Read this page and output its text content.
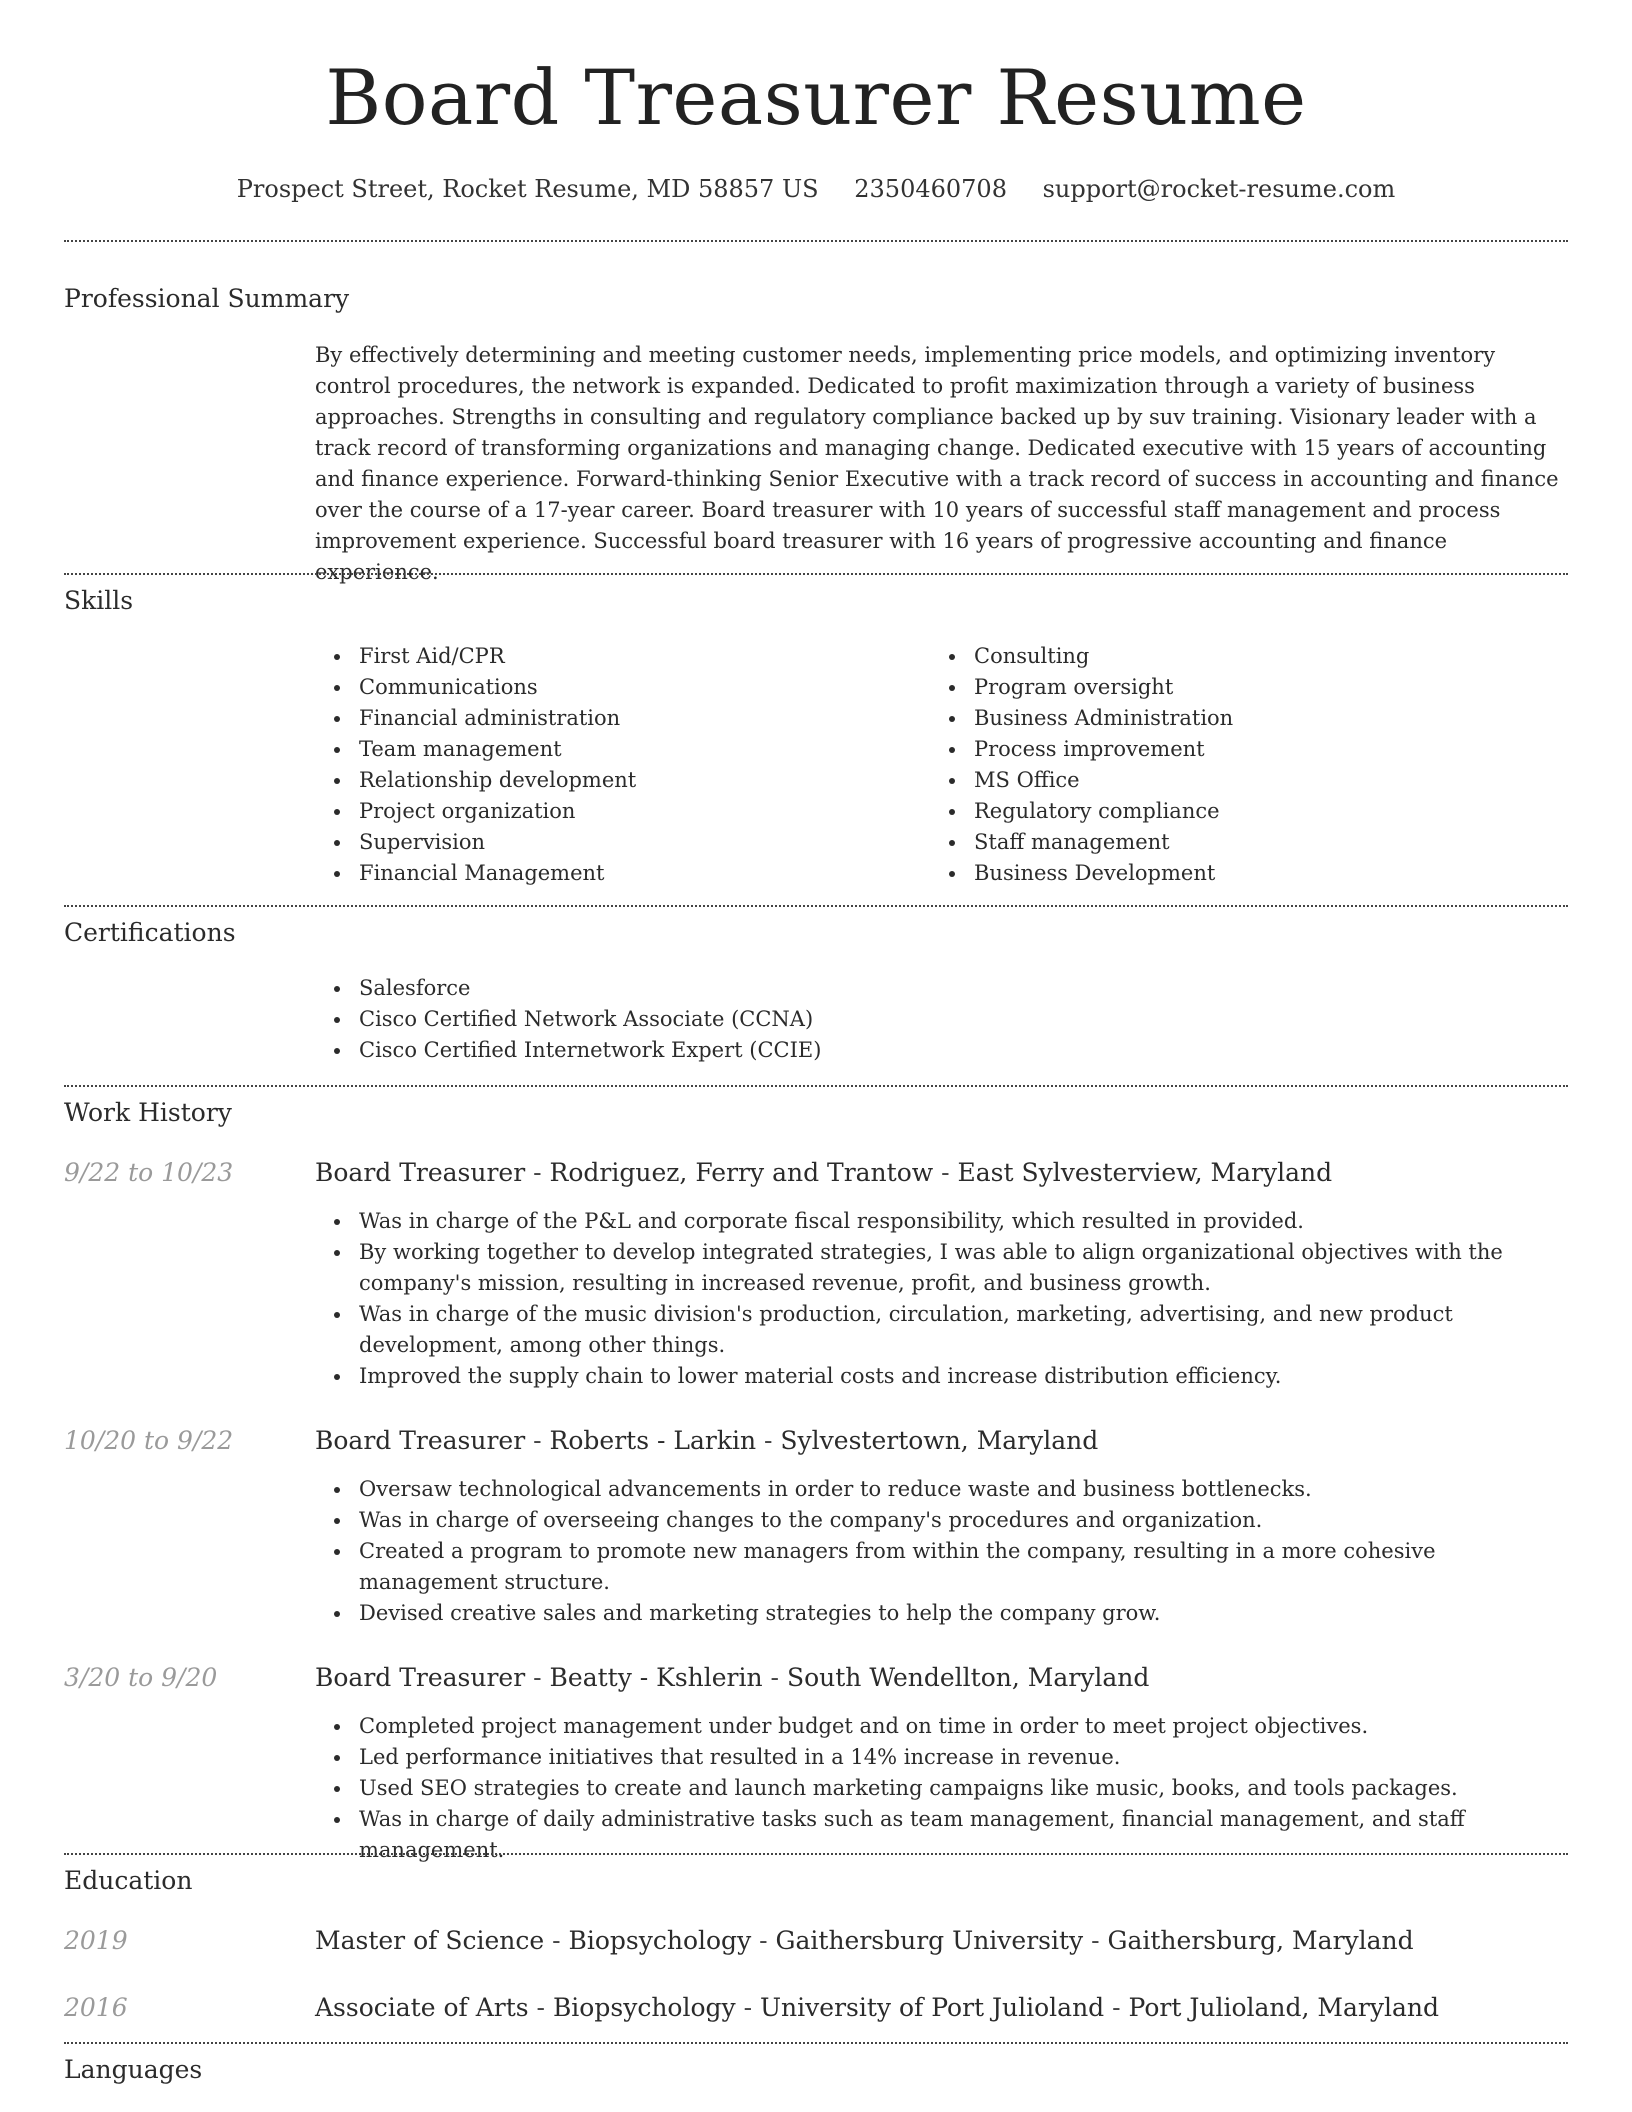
Board Treasurer Resume
Prospect Street, Rocket Resume, MD 58857 US 2350460708 support@rocket-resume.com
Professional Summary
By effectively determining and meeting customer needs, implementing price models, and optimizing inventory control procedures, the network is expanded. Dedicated to profit maximization through a variety of business approaches. Strengths in consulting and regulatory compliance backed up by suv training. Visionary leader with a track record of transforming organizations and managing change. Dedicated executive with 15 years of accounting and finance experience. Forward-thinking Senior Executive with a track record of success in accounting and finance over the course of a 17-year career. Board treasurer with 10 years of successful staff management and process improvement experience. Successful board treasurer with 16 years of progressive accounting and finance experience.
Skills
First Aid/CPR
Communications
Financial administration
Team management
Relationship development
Project organization
Supervision
Financial Management
Consulting
Program oversight
Business Administration
Process improvement
MS Office
Regulatory compliance
Staff management
Business Development
Certifications
Salesforce
Cisco Certified Network Associate (CCNA)
Cisco Certified Internetwork Expert (CCIE)
Work History
9/22 to 10/23	Board Treasurer - Rodriguez, Ferry and Trantow - East Sylvesterview, Maryland
Was in charge of the P&L and corporate fiscal responsibility, which resulted in provided.
By working together to develop integrated strategies, I was able to align organizational objectives with the company's mission, resulting in increased revenue, profit, and business growth.
Was in charge of the music division's production, circulation, marketing, advertising, and new product development, among other things.
Improved the supply chain to lower material costs and increase distribution efficiency.
10/20 to 9/22	Board Treasurer - Roberts - Larkin - Sylvestertown, Maryland
Oversaw technological advancements in order to reduce waste and business bottlenecks.
Was in charge of overseeing changes to the company's procedures and organization.
Created a program to promote new managers from within the company, resulting in a more cohesive management structure.
Devised creative sales and marketing strategies to help the company grow.
3/20 to 9/20	Board Treasurer - Beatty - Kshlerin - South Wendellton, Maryland
Completed project management under budget and on time in order to meet project objectives.
Led performance initiatives that resulted in a 14% increase in revenue.
Used SEO strategies to create and launch marketing campaigns like music, books, and tools packages.
Was in charge of daily administrative tasks such as team management, financial management, and staff management.
Education
2019	Master of Science - Biopsychology - Gaithersburg University - Gaithersburg, Maryland
2016	Associate of Arts - Biopsychology - University of Port Julioland - Port Julioland, Maryland
Languages
